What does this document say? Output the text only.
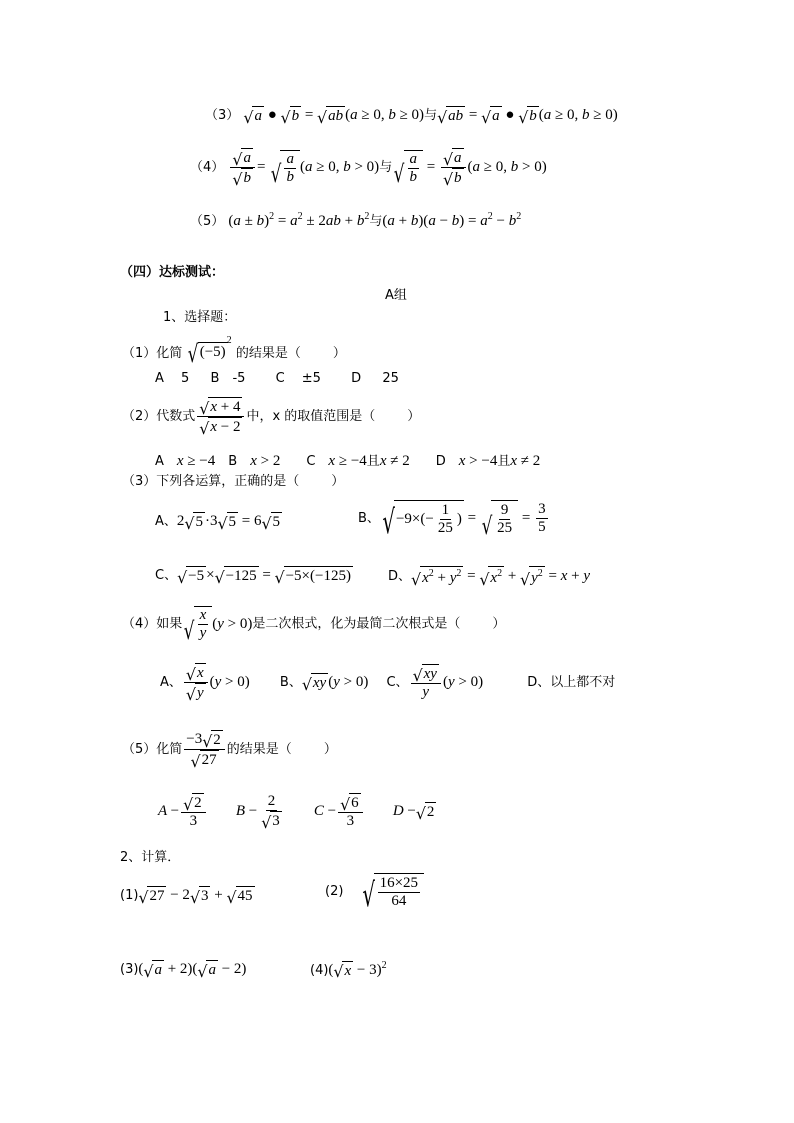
（3） √ a ● √ b = √ ab (a ≥ 0, b ≥ 0)与 √ ab = √ a ● √ b (a ≥ 0, b ≥ 0)
$(4) \frac{√ a}{√ b}$ = √ $\frac{a}{b} (a \ge 0$, b > 0)与 √ $\frac{a}{b} = \frac{√ a}{√ b} (a \ge 0$, b > 0)
（5） $(a \pm b)^2 = a^2 \pm 2ab + b^2$与$(a + b)(a - b) = a^2 - b^2$
（四）达标测试：
A组
1、选择题：
（1）化简 √ (−5)
$^2$ 的结果是（ ）
A　 5 　 B　-5 　　C 　±5 　　D 　 25
（2）代数式 $\frac{√ x + 4}{√ x - 2}$ 中，x 的取值范围是（ ）
A　x ≥ −4　B　x > 2　　C　x ≥ −4且x ≠ 2　　D　x > −4且x ≠ 2
（3）下列各运算，正确的是（ ）
A、2 √ 5 ·3 √ 5 = 6 √ 5	B、 √ $-9\times(- \frac{1}{25}$ ) = √ $\frac{9}{25} = \frac{3}{5}$
C、 √ −5 × √ −125 = √ −5×(−125)	D、 √ $x^2 + y^2$ = √ $x^2$ + √ $y^2 = x + y$
（4）如果 √ $\frac{x}{y} (y > 0)$是二次根式，化为最简二次根式是（ ）
A、 $\frac{√ x}{√ y} (y > 0)$ B、 √ xy (y > 0) C、 $\frac{√ xy}{y} (y > 0)$	D、以上都不对
（5）化简 $\frac{-3 √ 2}{√ 27}$ 的结果是（ ）
$A - \frac{√ 2}{3}$ $B - \frac{2}{√ 3}$ $C - \frac{√ 6}{3}$ D − √ 2
2、计算．
(1) √ 27 − 2 √ 3 + √ 45	(2) √ $\frac{16\times 25}{64}$
(3)( √ a + 2)( √ a − 2)	(4)( √ x − 3)$^2$
